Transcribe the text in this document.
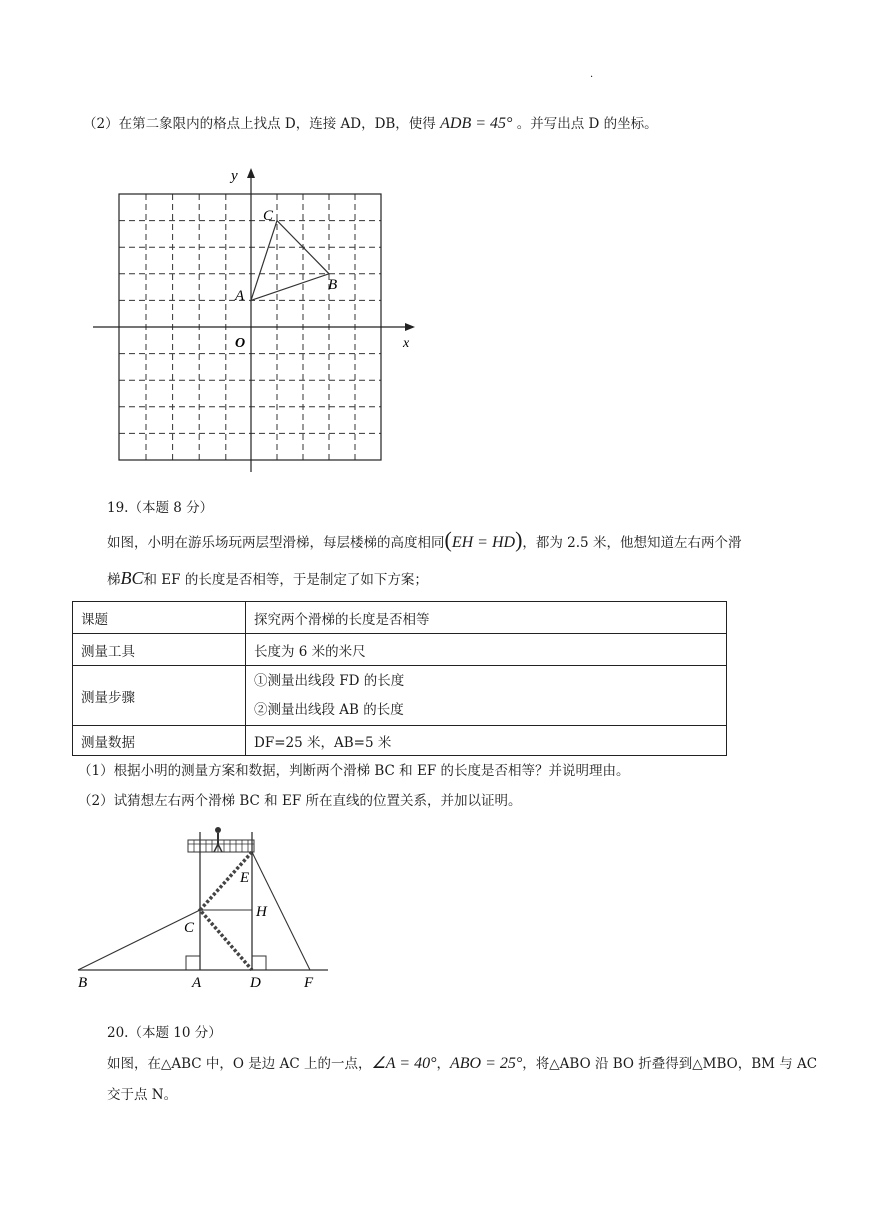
·
（2）在第二象限内的格点上找点 D，连接 AD，DB，使得 ADB = 45° 。并写出点 D 的坐标。
x
y
O
A
B
C
19.（本题 8 分）
如图，小明在游乐场玩两层型滑梯，每层楼梯的高度相同(EH = HD)，都为 2.5 米，他想知道左右两个滑
梯BC和 EF 的长度是否相等，于是制定了如下方案；
课题	探究两个滑梯的长度是否相等
测量工具	长度为 6 米的米尺
测量步骤	①测量出线段 FD 的长度
②测量出线段 AB 的长度

测量数据	DF=25 米，AB=5 米
（1）根据小明的测量方案和数据，判断两个滑梯 BC 和 EF 的长度是否相等？并说明理由。
（2）试猜想左右两个滑梯 BC 和 EF 所在直线的位置关系，并加以证明。
B	A	D	F
C
H
E
20.（本题 10 分）
如图，在△ABC 中，O 是边 AC 上的一点，∠A = 40°，ABO = 25°，将△ABO 沿 BO 折叠得到△MBO，BM 与 AC
交于点 N。
